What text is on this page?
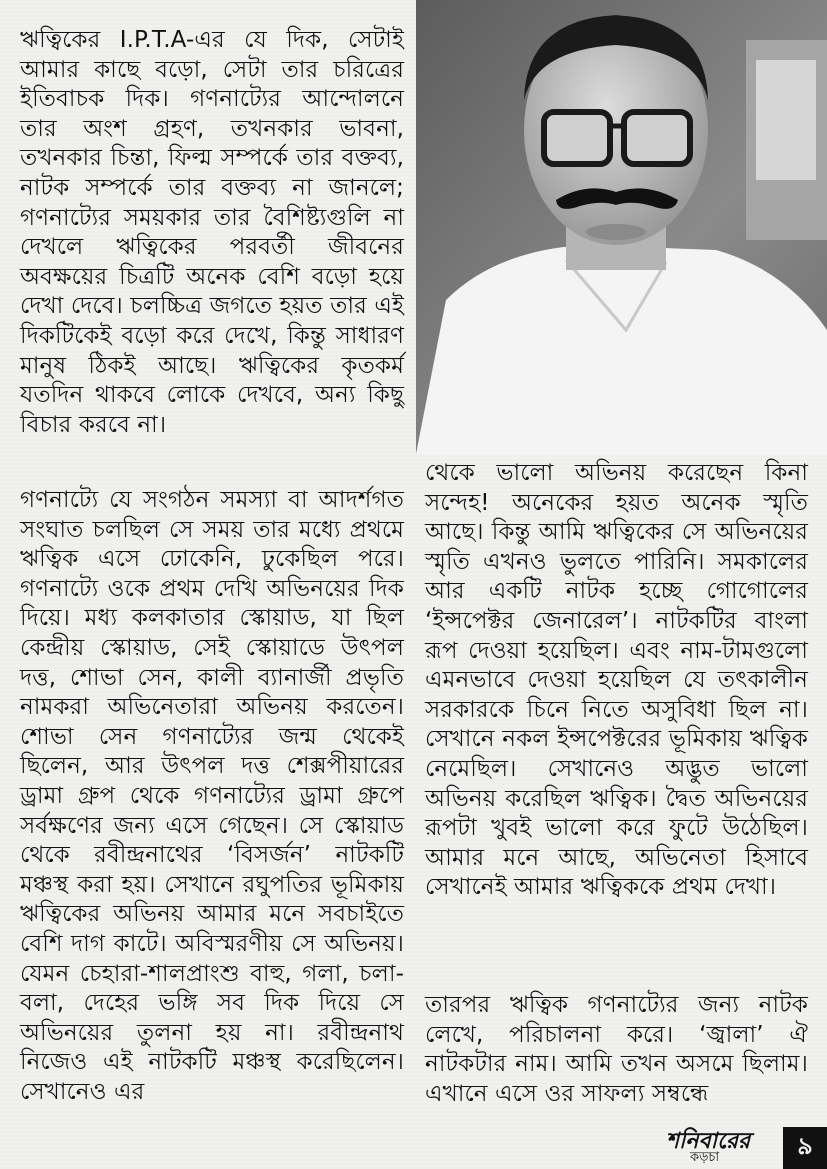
ঋত্বিকের I.P.T.A-এর যে দিক, সেটাই আমার কাছে বড়ো, সেটা তার চরিত্রের ইতিবাচক দিক। গণনাট্যের আন্দোলনে তার অংশ গ্রহণ, তখনকার ভাবনা, তখনকার চিন্তা, ফিল্ম সম্পর্কে তার বক্তব্য, নাটক সম্পর্কে তার বক্তব্য না জানলে; গণনাট্যের সময়কার তার বৈশিষ্ট্যগুলি না দেখলে ঋত্বিকের পরবর্তী জীবনের অবক্ষয়ের চিত্রটি অনেক বেশি বড়ো হয়ে দেখা দেবে। চলচ্চিত্র জগতে হয়ত তার এই দিকটিকেই বড়ো করে দেখে, কিন্তু সাধারণ মানুষ ঠিকই আছে। ঋত্বিকের কৃতকর্ম যতদিন থাকবে লোকে দেখবে, অন্য কিছু বিচার করবে না।

গণনাট্যে যে সংগঠন সমস্যা বা আদর্শগত সংঘাত চলছিল সে সময় তার মধ্যে প্রথমে ঋত্বিক এসে ঢোকেনি, ঢুকেছিল পরে। গণনাট্যে ওকে প্রথম দেখি অভিনয়ের দিক দিয়ে। মধ্য কলকাতার স্কোয়াড, যা ছিল কেন্দ্রীয় স্কোয়াড, সেই স্কোয়াডে উৎপল দত্ত, শোভা সেন, কালী ব্যানার্জী প্রভৃতি নামকরা অভিনেতারা অভিনয় করতেন। শোভা সেন গণনাট্যের জন্ম থেকেই ছিলেন, আর উৎপল দত্ত শেক্সপীয়ারের ড্রামা গ্রুপ থেকে গণনাট্যের ড্রামা গ্রুপে সর্বক্ষণের জন্য এসে গেছেন। সে স্কোয়াড থেকে রবীন্দ্রনাথের ‘বিসর্জন’ নাটকটি মঞ্চস্থ করা হয়। সেখানে রঘুপতির ভূমিকায় ঋত্বিকের অভিনয় আমার মনে সবচাইতে বেশি দাগ কাটে। অবিস্মরণীয় সে অভিনয়। যেমন চেহারা-শালপ্রাংশু বাহু, গলা, চলা-বলা, দেহের ভঙ্গি সব দিক দিয়ে সে অভিনয়ের তুলনা হয় না। রবীন্দ্রনাথ নিজেও এই নাটকটি মঞ্চস্থ করেছিলেন। সেখানেও এর

থেকে ভালো অভিনয় করেছেন কিনা সন্দেহ! অনেকের হয়ত অনেক স্মৃতি আছে। কিন্তু আমি ঋত্বিকের সে অভিনয়ের স্মৃতি এখনও ভুলতে পারিনি। সমকালের আর একটি নাটক হচ্ছে গোগোলের ‘ইন্সপেক্টর জেনারেল’। নাটকটির বাংলা রূপ দেওয়া হয়েছিল। এবং নাম-টামগুলো এমনভাবে দেওয়া হয়েছিল যে তৎকালীন সরকারকে চিনে নিতে অসুবিধা ছিল না। সেখানে নকল ইন্সপেক্টরের ভূমিকায় ঋত্বিক নেমেছিল। সেখানেও অদ্ভুত ভালো অভিনয় করেছিল ঋত্বিক। দ্বৈত অভিনয়ের রূপটা খুবই ভালো করে ফুটে উঠেছিল। আমার মনে আছে, অভিনেতা হিসাবে সেখানেই আমার ঋত্বিককে প্রথম দেখা।

তারপর ঋত্বিক গণনাট্যের জন্য নাটক লেখে, পরিচালনা করে। ‘জ্বালা’ ঐ নাটকটার নাম। আমি তখন অসমে ছিলাম। এখানে এসে ওর সাফল্য সম্বন্ধে

শনিবারের
কড়চা	৯
